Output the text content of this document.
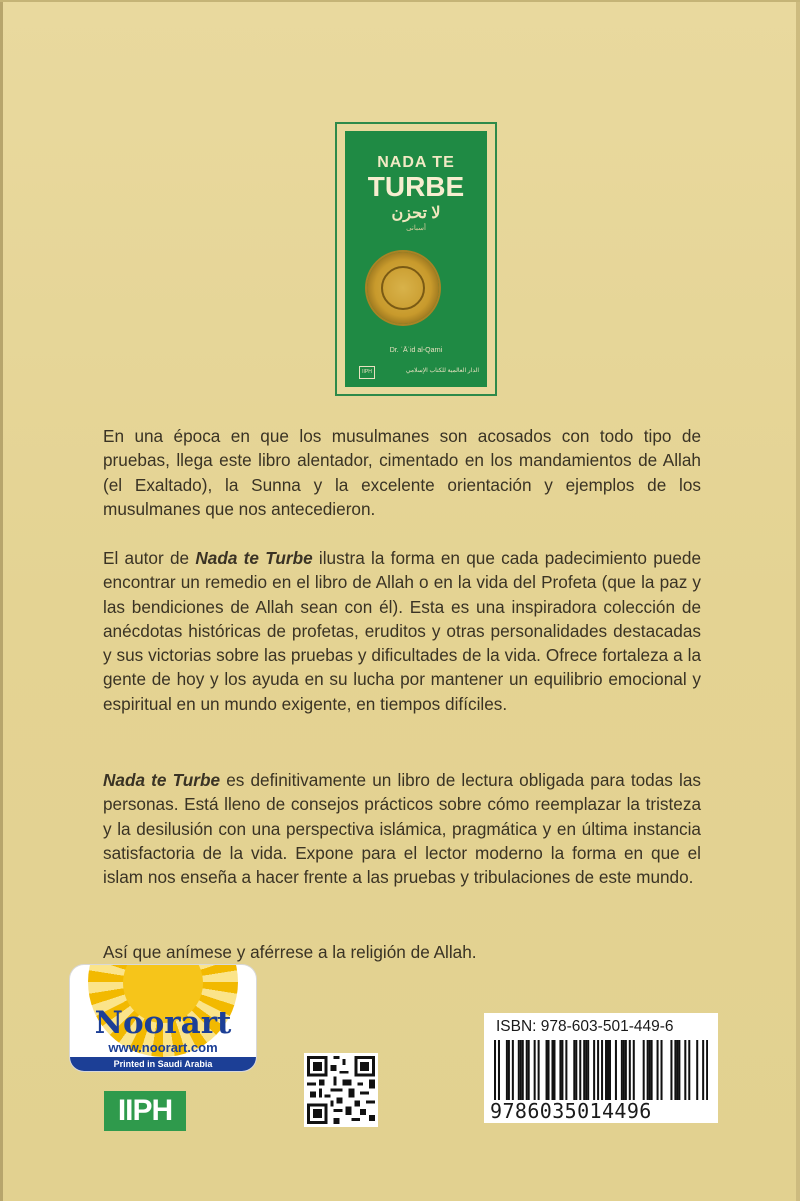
NADA TE
TURBE
لا تحزن
أسبانى
Dr. ʿĀʾid al-Qarni
IIPH	الدار العالمية للكتاب الإسلامي

En una época en que los musulmanes son acosados con todo tipo de pruebas, llega este libro alentador, cimentado en los mandamientos de Allah (el Exaltado), la Sunna y la excelente orientación y ejemplos de los musulmanes que nos antecedieron.

El autor de Nada te Turbe ilustra la forma en que cada padecimiento puede encontrar un remedio en el libro de Allah o en la vida del Profeta (que la paz y las bendiciones de Allah sean con él). Esta es una inspiradora colección de anécdotas históricas de profetas, eruditos y otras personalidades destacadas y sus victorias sobre las pruebas y dificultades de la vida. Ofrece fortaleza a la gente de hoy y los ayuda en su lucha por mantener un equilibrio emocional y espiritual en un mundo exigente, en tiempos difíciles.

Nada te Turbe es definitivamente un libro de lectura obligada para todas las personas. Está lleno de consejos prácticos sobre cómo reemplazar la tristeza y la desilusión con una perspectiva islámica, pragmática y en última instancia satisfactoria de la vida. Expone para el lector moderno la forma en que el islam nos enseña a hacer frente a las pruebas y tribulaciones de este mundo.

Así que anímese y aférrese a la religión de Allah.

Noorart
www.noorart.com
Printed in Saudi Arabia
IIPH
ISBN: 978-603-501-449-6
9786035014496
